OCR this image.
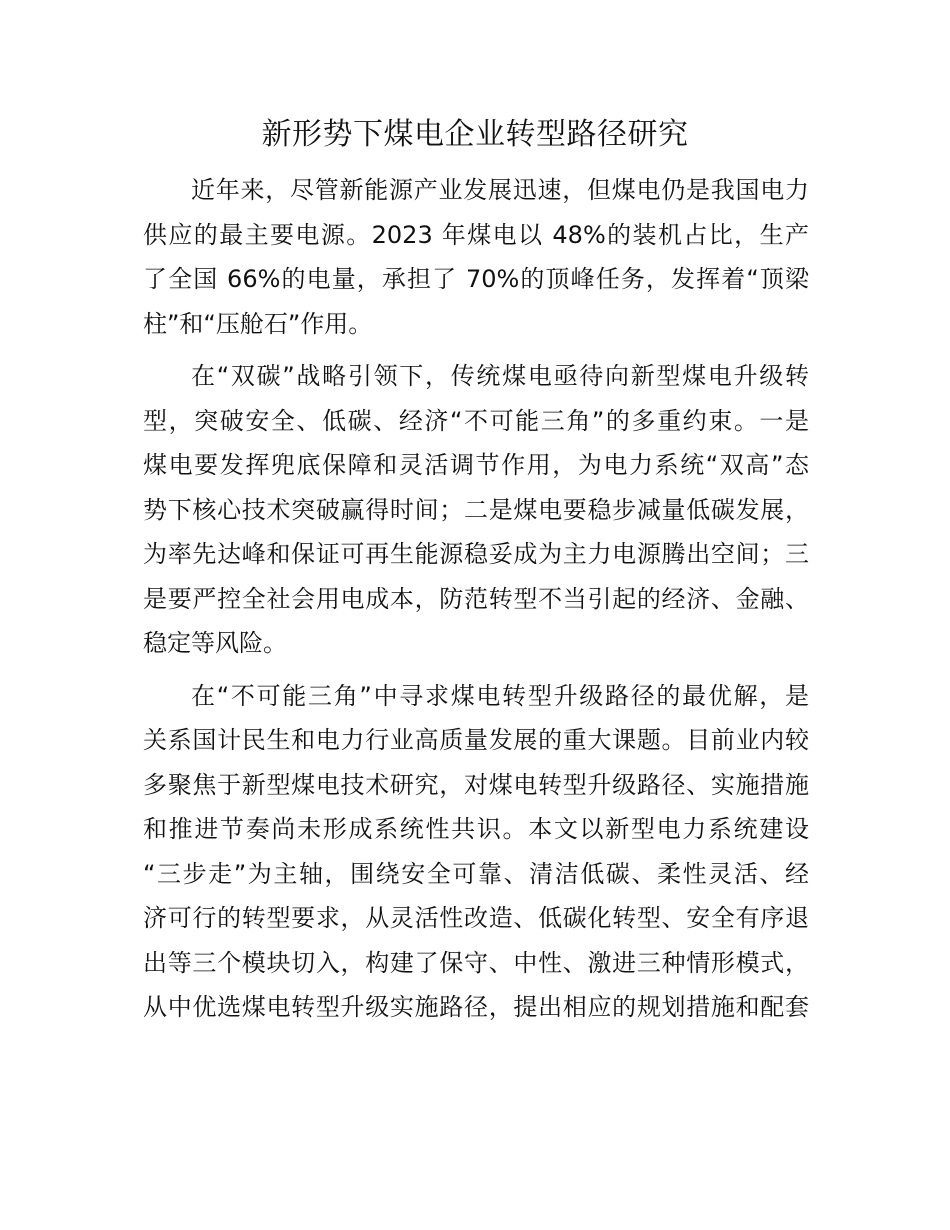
新形势下煤电企业转型路径研究
近年来，尽管新能源产业发展迅速，但煤电仍是我国电力
供应的最主要电源。2023 年煤电以 48%的装机占比，生产
了全国 66%的电量，承担了 70%的顶峰任务，发挥着“顶梁
柱”和“压舱石”作用。
在“双碳”战略引领下，传统煤电亟待向新型煤电升级转
型，突破安全、低碳、经济“不可能三角”的多重约束。一是
煤电要发挥兜底保障和灵活调节作用，为电力系统“双高”态
势下核心技术突破赢得时间；二是煤电要稳步减量低碳发展，
为率先达峰和保证可再生能源稳妥成为主力电源腾出空间；三
是要严控全社会用电成本，防范转型不当引起的经济、金融、
稳定等风险。
在“不可能三角”中寻求煤电转型升级路径的最优解，是
关系国计民生和电力行业高质量发展的重大课题。目前业内较
多聚焦于新型煤电技术研究，对煤电转型升级路径、实施措施
和推进节奏尚未形成系统性共识。本文以新型电力系统建设
“三步走”为主轴，围绕安全可靠、清洁低碳、柔性灵活、经
济可行的转型要求，从灵活性改造、低碳化转型、安全有序退
出等三个模块切入，构建了保守、中性、激进三种情形模式，
从中优选煤电转型升级实施路径，提出相应的规划措施和配套
